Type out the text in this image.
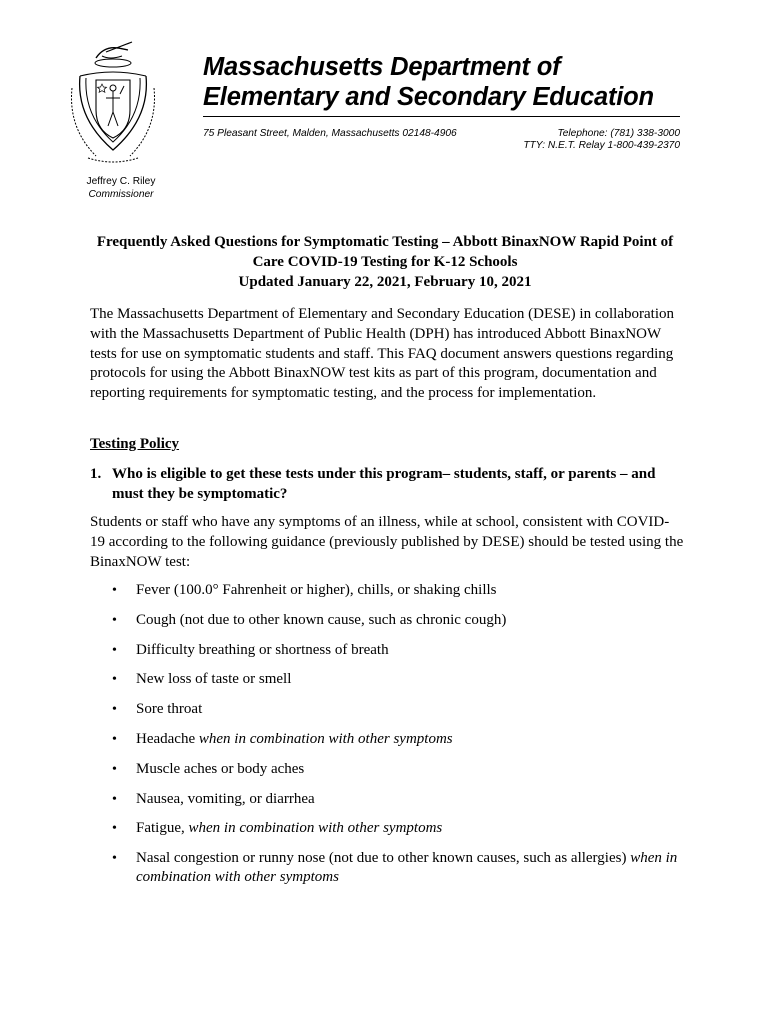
Massachusetts Department of
Elementary and Secondary Education
75 Pleasant Street, Malden, Massachusetts 02148-4906	Telephone: (781) 338-3000
TTY: N.E.T. Relay 1-800-439-2370
Jeffrey C. Riley
Commissioner
Frequently Asked Questions for Symptomatic Testing – Abbott BinaxNOW Rapid Point of
Care COVID-19 Testing for K-12 Schools
Updated January 22, 2021, February 10, 2021
The Massachusetts Department of Elementary and Secondary Education (DESE) in collaboration with the Massachusetts Department of Public Health (DPH) has introduced Abbott BinaxNOW tests for use on symptomatic students and staff. This FAQ document answers questions regarding protocols for using the Abbott BinaxNOW test kits as part of this program, documentation and reporting requirements for symptomatic testing, and the process for implementation.
Testing Policy
1. Who is eligible to get these tests under this program– students, staff, or parents – and must they be symptomatic?
Students or staff who have any symptoms of an illness, while at school, consistent with COVID-19 according to the following guidance (previously published by DESE) should be tested using the BinaxNOW test:
• Fever (100.0° Fahrenheit or higher), chills, or shaking chills
• Cough (not due to other known cause, such as chronic cough)
• Difficulty breathing or shortness of breath
• New loss of taste or smell
• Sore throat
• Headache when in combination with other symptoms
• Muscle aches or body aches
• Nausea, vomiting, or diarrhea
• Fatigue, when in combination with other symptoms
• Nasal congestion or runny nose (not due to other known causes, such as allergies) when in combination with other symptoms
